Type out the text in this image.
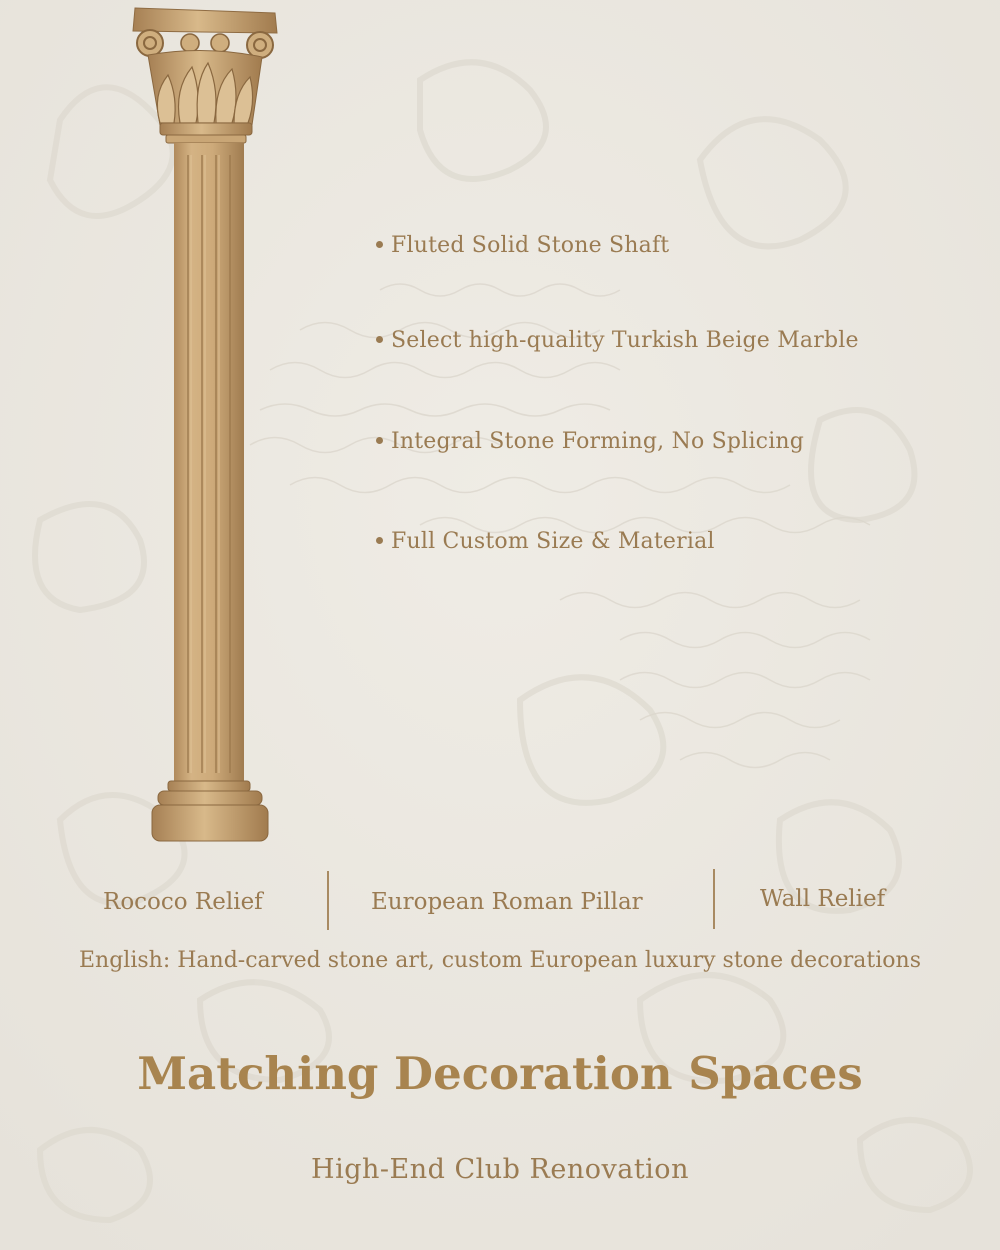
Fluted Solid Stone Shaft
Select high-quality Turkish Beige Marble
Integral Stone Forming, No Splicing
Full Custom Size & Material
Rococo Relief	European Roman Pillar	Wall Relief
English: Hand-carved stone art, custom European luxury stone decorations
Matching Decoration Spaces
High-End Club Renovation
